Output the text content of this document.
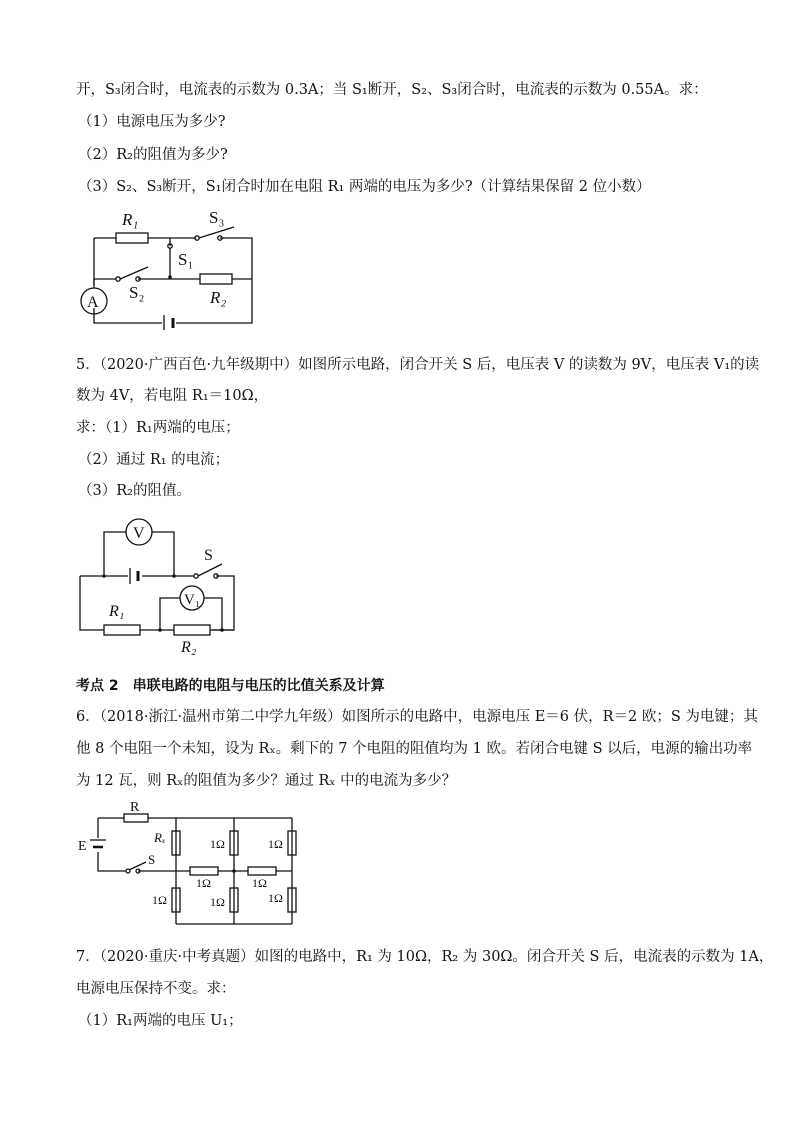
开，S₃闭合时，电流表的示数为 0.3A；当 S₁断开，S₂、S₃闭合时，电流表的示数为 0.55A。求：
（1）电源电压为多少?
（2）R₂的阻值为多少?
（3）S₂、S₃断开，S₁闭合时加在电阻 R₁ 两端的电压为多少?（计算结果保留 2 位小数）
R₁	S₃
S₁
S₂	R₂
A
5．（2020·广西百色·九年级期中）如图所示电路，闭合开关 S 后，电压表 V 的读数为 9V，电压表 V₁的读
数为 4V，若电阻 R₁＝10Ω，
求：（1）R₁两端的电压；
（2）通过 R₁ 的电流；
（3）R₂的阻值。
V
S
R₁
R₂
V₁
考点 2 串联电路的电阻与电压的比值关系及计算
6．（2018·浙江·温州市第二中学九年级）如图所示的电路中，电源电压 E＝6 伏，R＝2 欧；S 为电键；其
他 8 个电阻一个未知，设为 Rₓ。剩下的 7 个电阻的阻值均为 1 欧。若闭合电键 S 以后，电源的输出功率
为 12 瓦，则 Rₓ的阻值为多少？通过 Rₓ 中的电流为多少？
E
R
S
Rₓ	1Ω	1Ω
1Ω	1Ω	1Ω
1Ω	1Ω
7．（2020·重庆·中考真题）如图的电路中，R₁ 为 10Ω，R₂ 为 30Ω。闭合开关 S 后，电流表的示数为 1A，
电源电压保持不变。求：
（1）R₁两端的电压 U₁；
